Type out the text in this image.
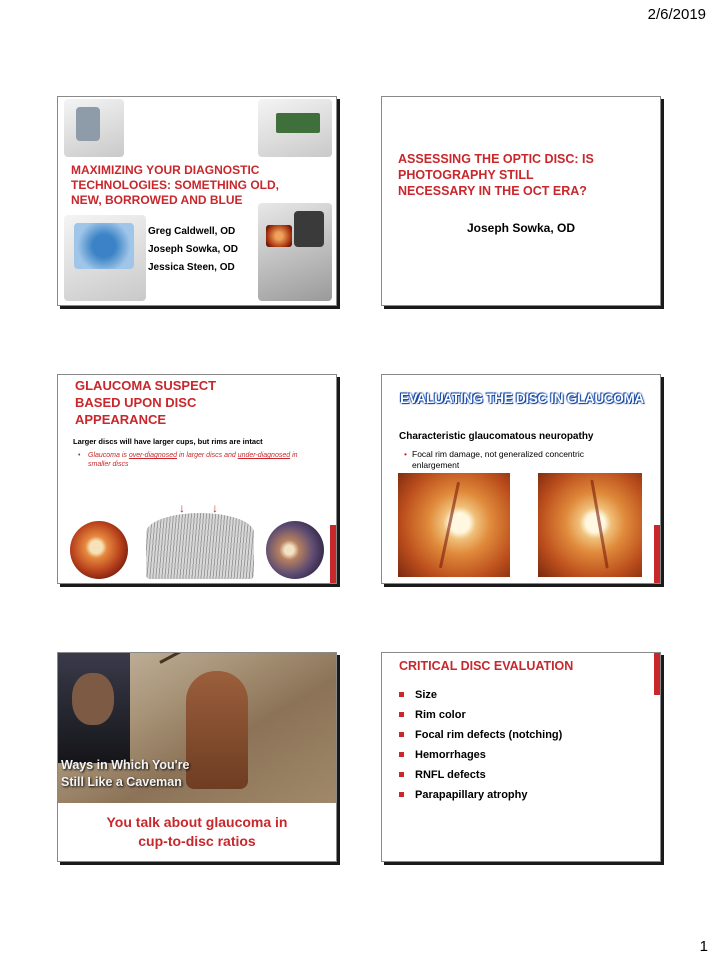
2/6/2019
MAXIMIZING YOUR DIAGNOSTIC
TECHNOLOGIES: SOMETHING OLD,
NEW, BORROWED AND BLUE
Greg Caldwell, OD
Joseph Sowka, OD
Jessica Steen, OD
ASSESSING THE OPTIC DISC: IS
PHOTOGRAPHY STILL
NECESSARY IN THE OCT ERA?
Joseph Sowka, OD
GLAUCOMA SUSPECT
BASED UPON DISC
APPEARANCE
Larger discs will have larger cups, but rims are intact
• Glaucoma is over-diagnosed in larger discs and under-diagnosed in smaller discs
↓ ↓
EVALUATING THE DISC IN GLAUCOMA
Characteristic glaucomatous neuropathy
• Focal rim damage, not generalized concentric enlargement
Ways in Which You're
Still Like a Caveman
You talk about glaucoma in
cup-to-disc ratios
CRITICAL DISC EVALUATION
Size
Rim color
Focal rim defects (notching)
Hemorrhages
RNFL defects
Parapapillary atrophy
1
